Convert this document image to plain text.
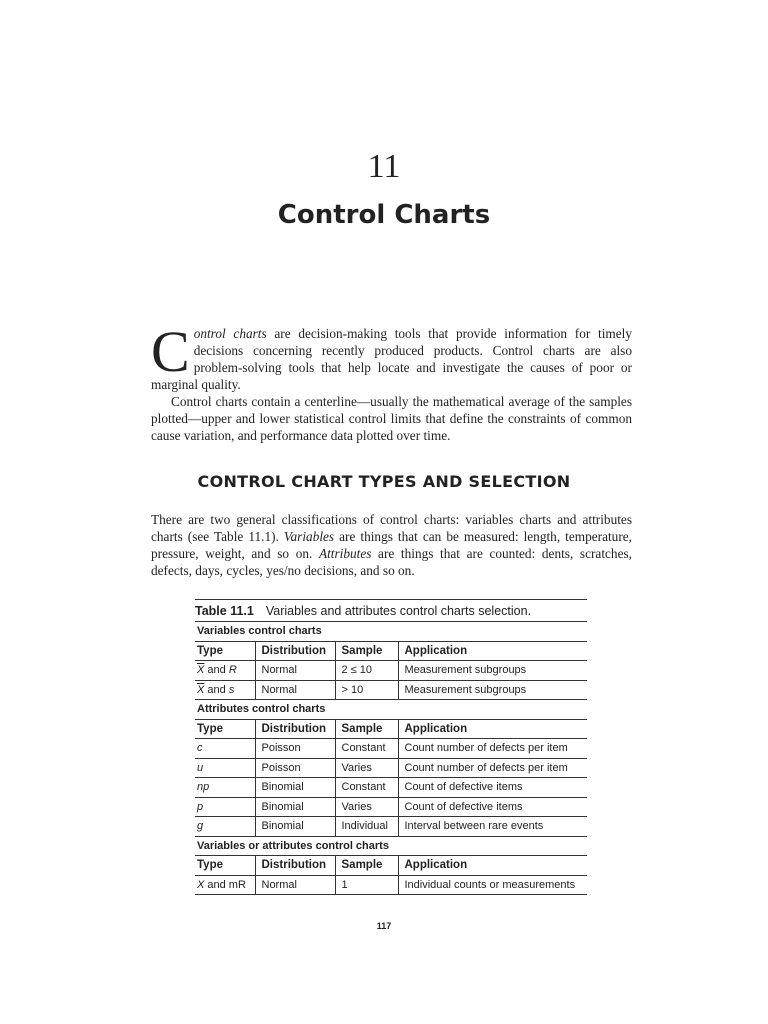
11
Control Charts

Control charts are decision-making tools that provide information for timely decisions concerning recently produced products. Control charts are also problem-solving tools that help locate and investigate the causes of poor or marginal quality.

Control charts contain a centerline—usually the mathematical average of the samples plotted—upper and lower statistical control limits that define the constraints of common cause variation, and performance data plotted over time.

CONTROL CHART TYPES AND SELECTION

There are two general classifications of control charts: variables charts and attributes charts (see Table 11.1). Variables are things that can be measured: length, temperature, pressure, weight, and so on. Attributes are things that are counted: dents, scratches, defects, days, cycles, yes/no decisions, and so on.

Table 11.1 Variables and attributes control charts selection.
Variables control charts			
Type	Distribution	Sample	Application
$\overline{X}$ and R	Normal	2 ≤ 10	Measurement subgroups
$\overline{X}$ and s	Normal	> 10	Measurement subgroups
Attributes control charts			
Type	Distribution	Sample	Application
c	Poisson	Constant	Count number of defects per item
u	Poisson	Varies	Count number of defects per item
np	Binomial	Constant	Count of defective items
p	Binomial	Varies	Count of defective items
g	Binomial	Individual	Interval between rare events
Variables or attributes control charts			
Type	Distribution	Sample	Application
X and mR	Normal	1	Individual counts or measurements
117
